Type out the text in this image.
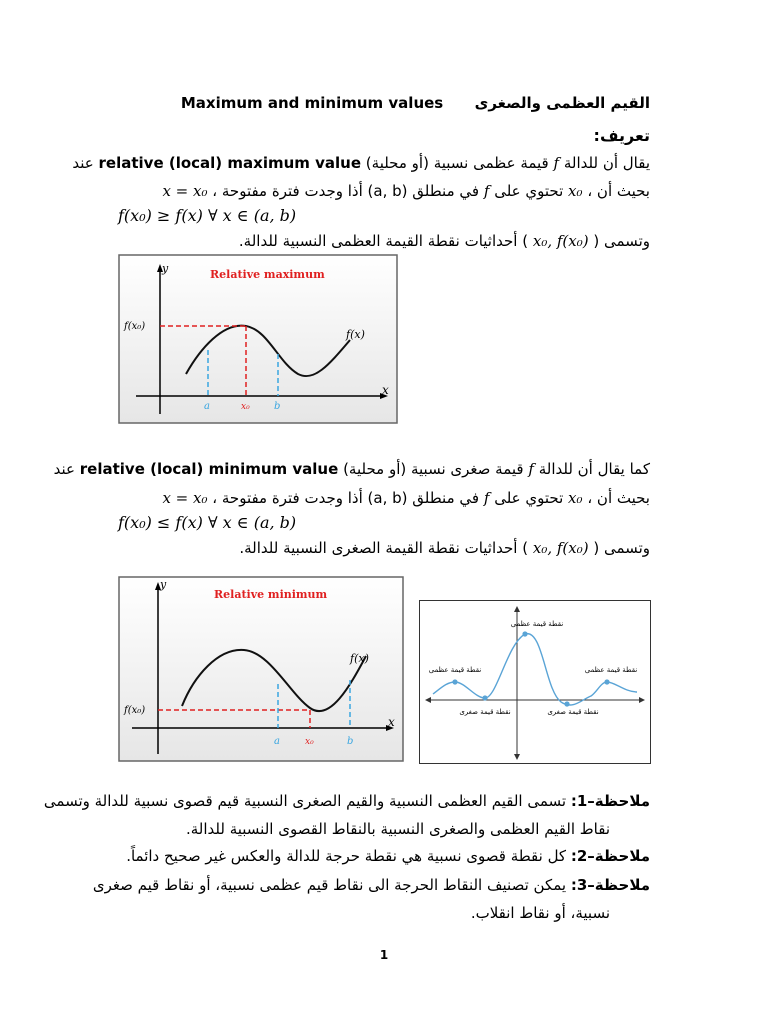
القيم العظمى والصغرى      Maximum and minimum values
تعريف:
يقال أن للدالة f قيمة عظمى نسبية (أو محلية) relative (local) maximum value عند
x = x₀ ، أذا وجدت فترة مفتوحة (a, b) في منطلق f تحتوي على x₀ ، بحيث أن
f(x₀) ≥ f(x) ∀ x ∈ (a, b)
وتسمى ( x₀, f(x₀) ) أحداثيات نقطة القيمة العظمى النسبية للدالة.
y
x
Relative maximum
f(x₀)
f(x)
a	x₀ b
كما يقال أن للدالة f قيمة صغرى نسبية (أو محلية) relative (local) minimum value عند
x = x₀ ، أذا وجدت فترة مفتوحة (a, b) في منطلق f تحتوي على x₀ ، بحيث أن
f(x₀) ≤ f(x) ∀ x ∈ (a, b)
وتسمى ( x₀, f(x₀) ) أحداثيات نقطة القيمة الصغرى النسبية للدالة.
y
x
Relative minimum
f(x₀)
f(x)
a	x₀	b
نقطة قيمة عظمى
نقطة قيمة عظمى	نقطة قيمة عظمى
نقطة قيمة صغرى	نقطة قيمة صغرى
ملاحظة–1: تسمى القيم العظمى النسبية والقيم الصغرى النسبية قيم قصوى نسبية للدالة وتسمى
نقاط القيم العظمى والصغرى النسبية بالنقاط القصوى النسبية للدالة.
ملاحظة–2: كل نقطة قصوى نسبية هي نقطة حرجة للدالة والعكس غير صحيح دائماً.
ملاحظة–3: يمكن تصنيف النقاط الحرجة الى نقاط قيم عظمى نسبية، أو نقاط قيم صغرى
نسبية، أو نقاط انقلاب.
1
